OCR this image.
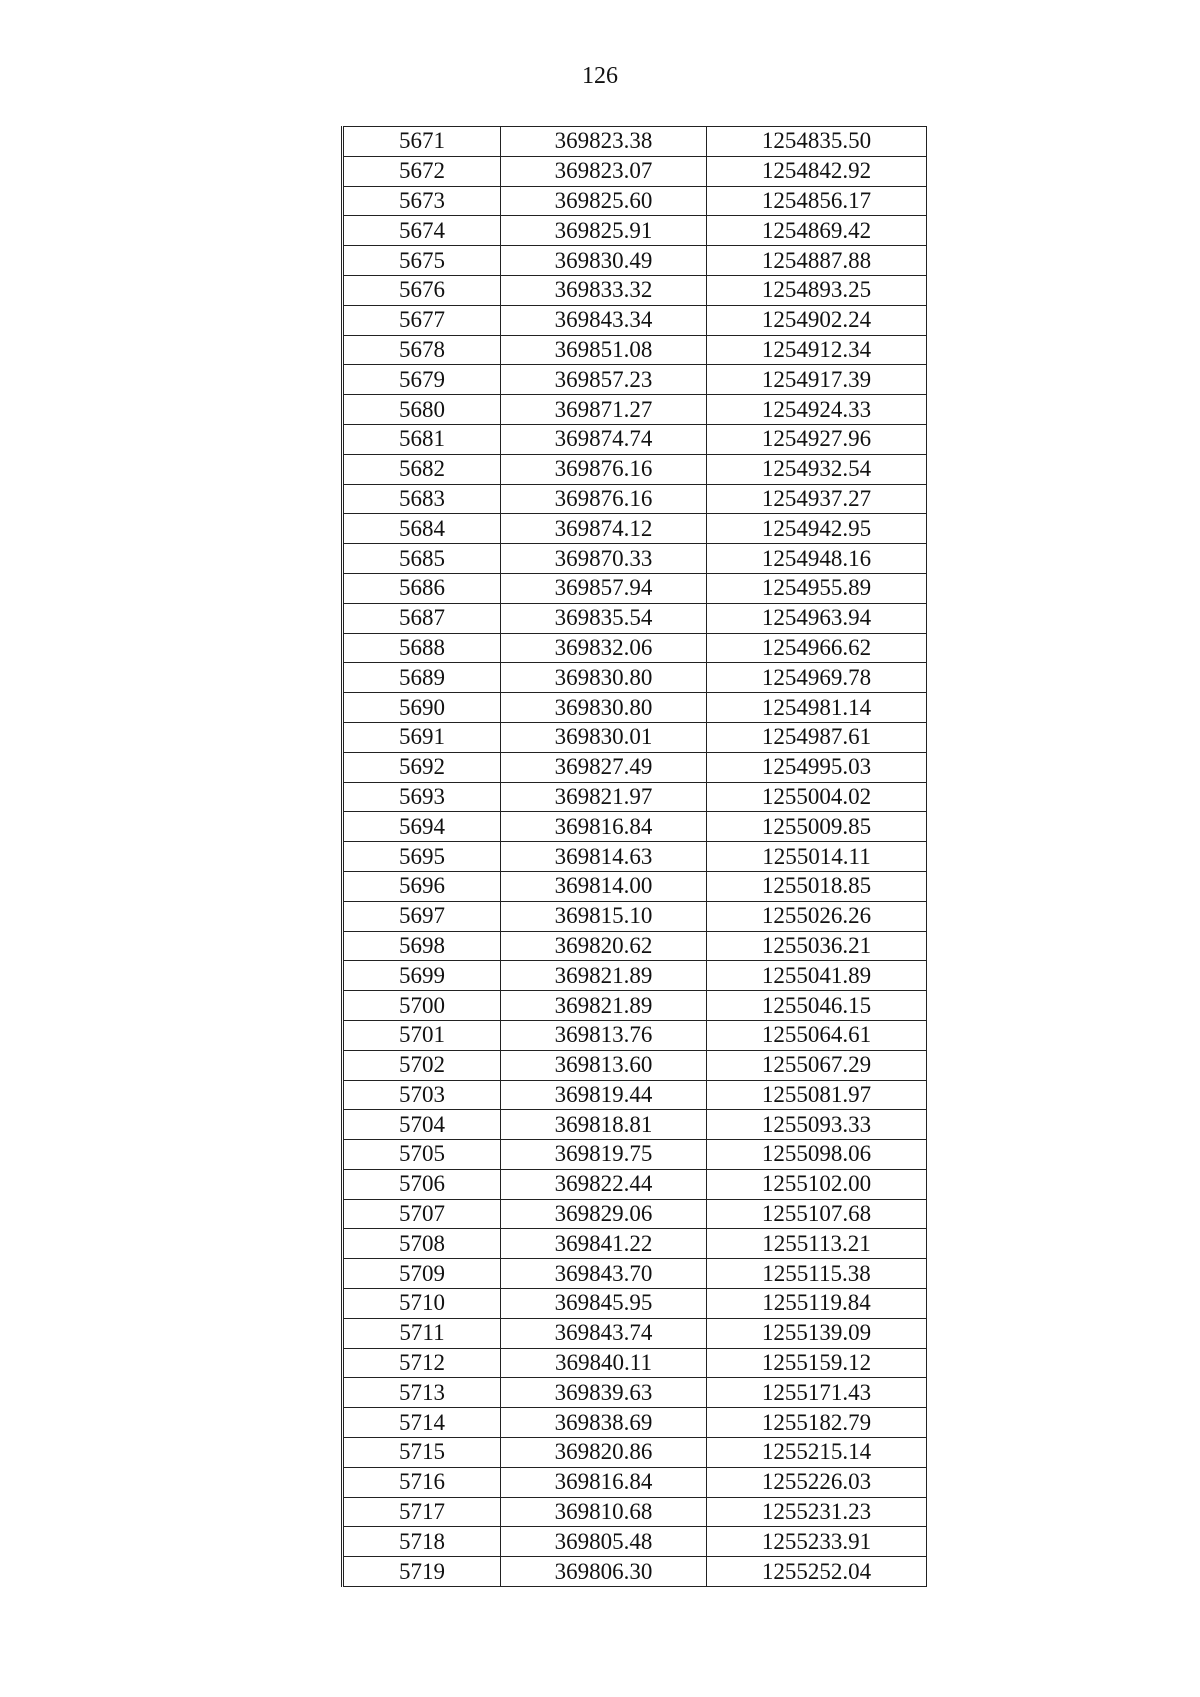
126
5671	369823.38	1254835.50
5672	369823.07	1254842.92
5673	369825.60	1254856.17
5674	369825.91	1254869.42
5675	369830.49	1254887.88
5676	369833.32	1254893.25
5677	369843.34	1254902.24
5678	369851.08	1254912.34
5679	369857.23	1254917.39
5680	369871.27	1254924.33
5681	369874.74	1254927.96
5682	369876.16	1254932.54
5683	369876.16	1254937.27
5684	369874.12	1254942.95
5685	369870.33	1254948.16
5686	369857.94	1254955.89
5687	369835.54	1254963.94
5688	369832.06	1254966.62
5689	369830.80	1254969.78
5690	369830.80	1254981.14
5691	369830.01	1254987.61
5692	369827.49	1254995.03
5693	369821.97	1255004.02
5694	369816.84	1255009.85
5695	369814.63	1255014.11
5696	369814.00	1255018.85
5697	369815.10	1255026.26
5698	369820.62	1255036.21
5699	369821.89	1255041.89
5700	369821.89	1255046.15
5701	369813.76	1255064.61
5702	369813.60	1255067.29
5703	369819.44	1255081.97
5704	369818.81	1255093.33
5705	369819.75	1255098.06
5706	369822.44	1255102.00
5707	369829.06	1255107.68
5708	369841.22	1255113.21
5709	369843.70	1255115.38
5710	369845.95	1255119.84
5711	369843.74	1255139.09
5712	369840.11	1255159.12
5713	369839.63	1255171.43
5714	369838.69	1255182.79
5715	369820.86	1255215.14
5716	369816.84	1255226.03
5717	369810.68	1255231.23
5718	369805.48	1255233.91
5719	369806.30	1255252.04
